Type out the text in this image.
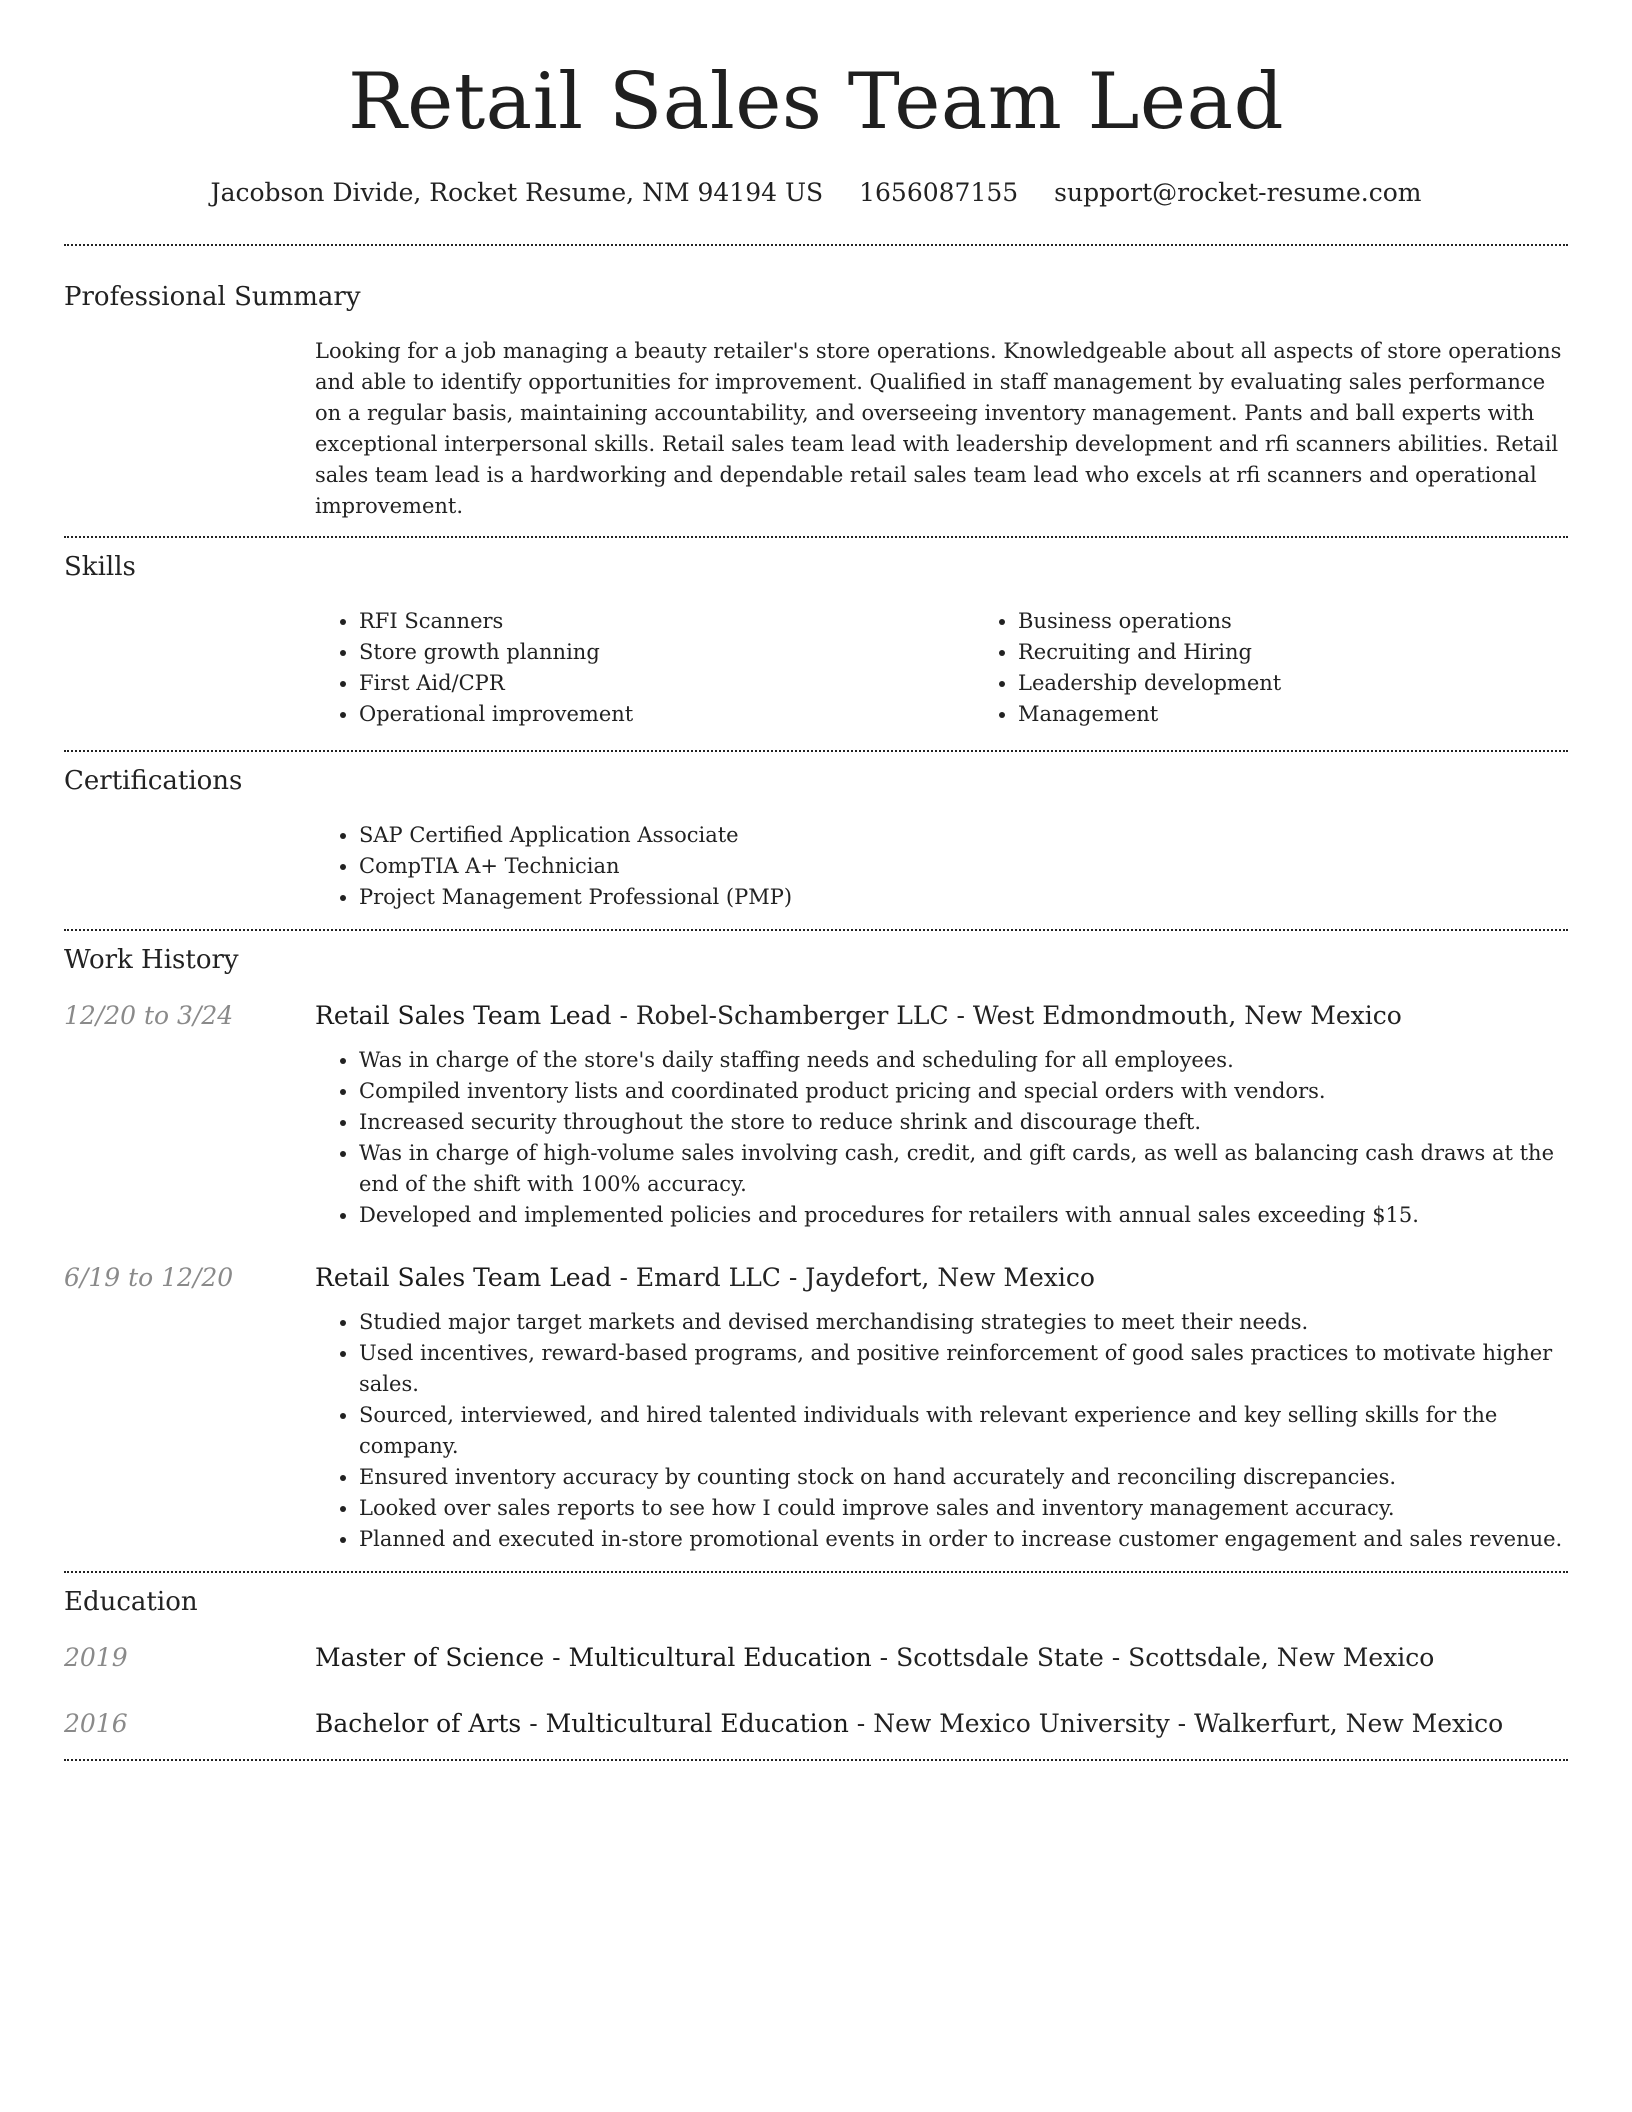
Retail Sales Team Lead
Jacobson Divide, Rocket Resume, NM 94194 US 1656087155 support@rocket-resume.com
Professional Summary

Looking for a job managing a beauty retailer's store operations. Knowledgeable about all aspects of store operations and able to identify opportunities for improvement. Qualified in staff management by evaluating sales performance on a regular basis, maintaining accountability, and overseeing inventory management. Pants and ball experts with exceptional interpersonal skills. Retail sales team lead with leadership development and rfi scanners abilities. Retail sales team lead is a hardworking and dependable retail sales team lead who excels at rfi scanners and operational improvement.

Skills
• RFI Scanners
• Store growth planning
• First Aid/CPR
• Operational improvement
• Business operations
• Recruiting and Hiring
• Leadership development
• Management
Certifications
• SAP Certified Application Associate
• CompTIA A+ Technician
• Project Management Professional (PMP)
Work History
12/20 to 3/24	Retail Sales Team Lead - Robel-Schamberger LLC - West Edmondmouth, New Mexico
• Was in charge of the store's daily staffing needs and scheduling for all employees.
• Compiled inventory lists and coordinated product pricing and special orders with vendors.
• Increased security throughout the store to reduce shrink and discourage theft.
• Was in charge of high-volume sales involving cash, credit, and gift cards, as well as balancing cash draws at the end of the shift with 100% accuracy.
• Developed and implemented policies and procedures for retailers with annual sales exceeding $15.
6/19 to 12/20	Retail Sales Team Lead - Emard LLC - Jaydefort, New Mexico
• Studied major target markets and devised merchandising strategies to meet their needs.
• Used incentives, reward-based programs, and positive reinforcement of good sales practices to motivate higher sales.
• Sourced, interviewed, and hired talented individuals with relevant experience and key selling skills for the company.
• Ensured inventory accuracy by counting stock on hand accurately and reconciling discrepancies.
• Looked over sales reports to see how I could improve sales and inventory management accuracy.
• Planned and executed in-store promotional events in order to increase customer engagement and sales revenue.
Education
2019	Master of Science - Multicultural Education - Scottsdale State - Scottsdale, New Mexico
2016	Bachelor of Arts - Multicultural Education - New Mexico University - Walkerfurt, New Mexico
